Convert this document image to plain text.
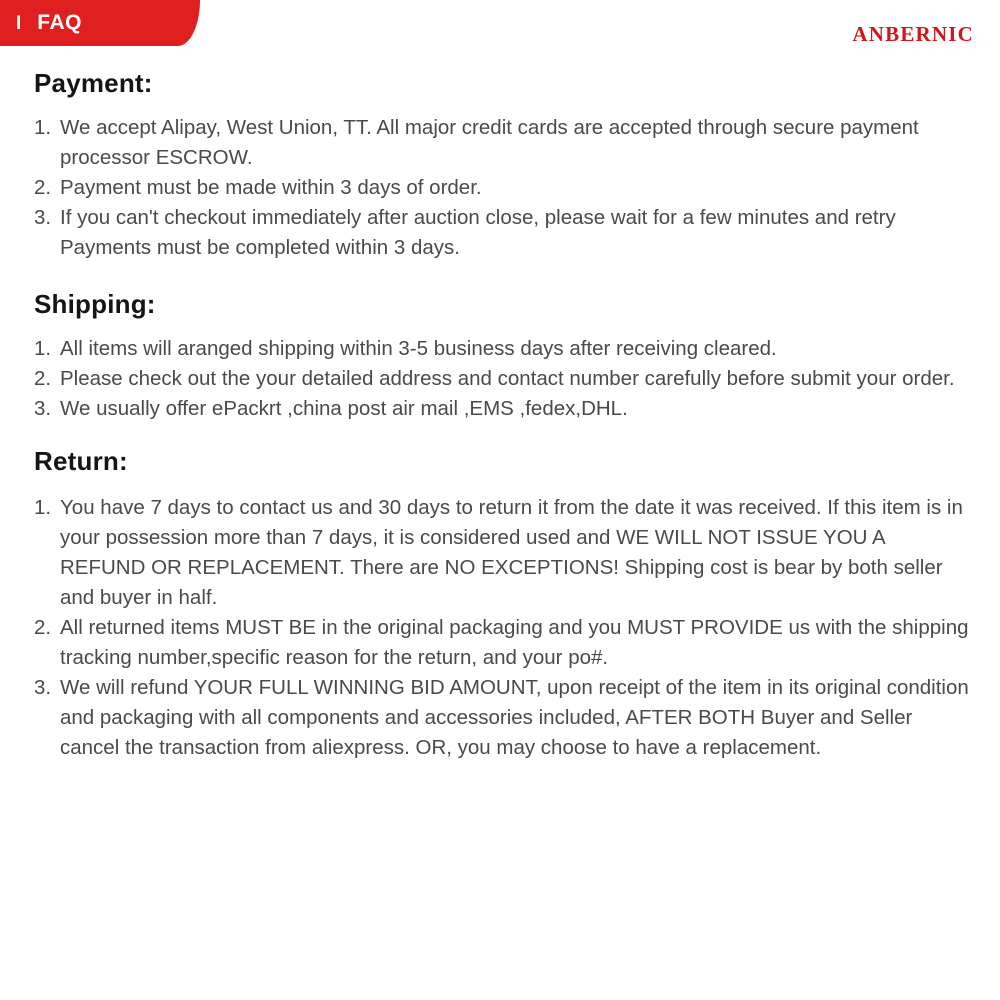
I FAQ	ANBERNIC
Payment:
1. We accept Alipay, West Union, TT. All major credit cards are accepted through secure payment processor ESCROW.
2. Payment must be made within 3 days of order.
3. If you can't checkout immediately after auction close, please wait for a few minutes and retry Payments must be completed within 3 days.
Shipping:
1. All items will aranged shipping within 3-5 business days after receiving cleared.
2. Please check out the your detailed address and contact number carefully before submit your order.
3. We usually offer ePackrt ,china post air mail ,EMS ,fedex,DHL.
Return:
1. You have 7 days to contact us and 30 days to return it from the date it was received. If this item is in your possession more than 7 days, it is considered used and WE WILL NOT ISSUE YOU A REFUND OR REPLACEMENT. There are NO EXCEPTIONS! Shipping cost is bear by both seller and buyer in half.
2. All returned items MUST BE in the original packaging and you MUST PROVIDE us with the shipping tracking number,specific reason for the return, and your po#.
3. We will refund YOUR FULL WINNING BID AMOUNT, upon receipt of the item in its original condition and packaging with all components and accessories included, AFTER BOTH Buyer and Seller cancel the transaction from aliexpress. OR, you may choose to have a replacement.
